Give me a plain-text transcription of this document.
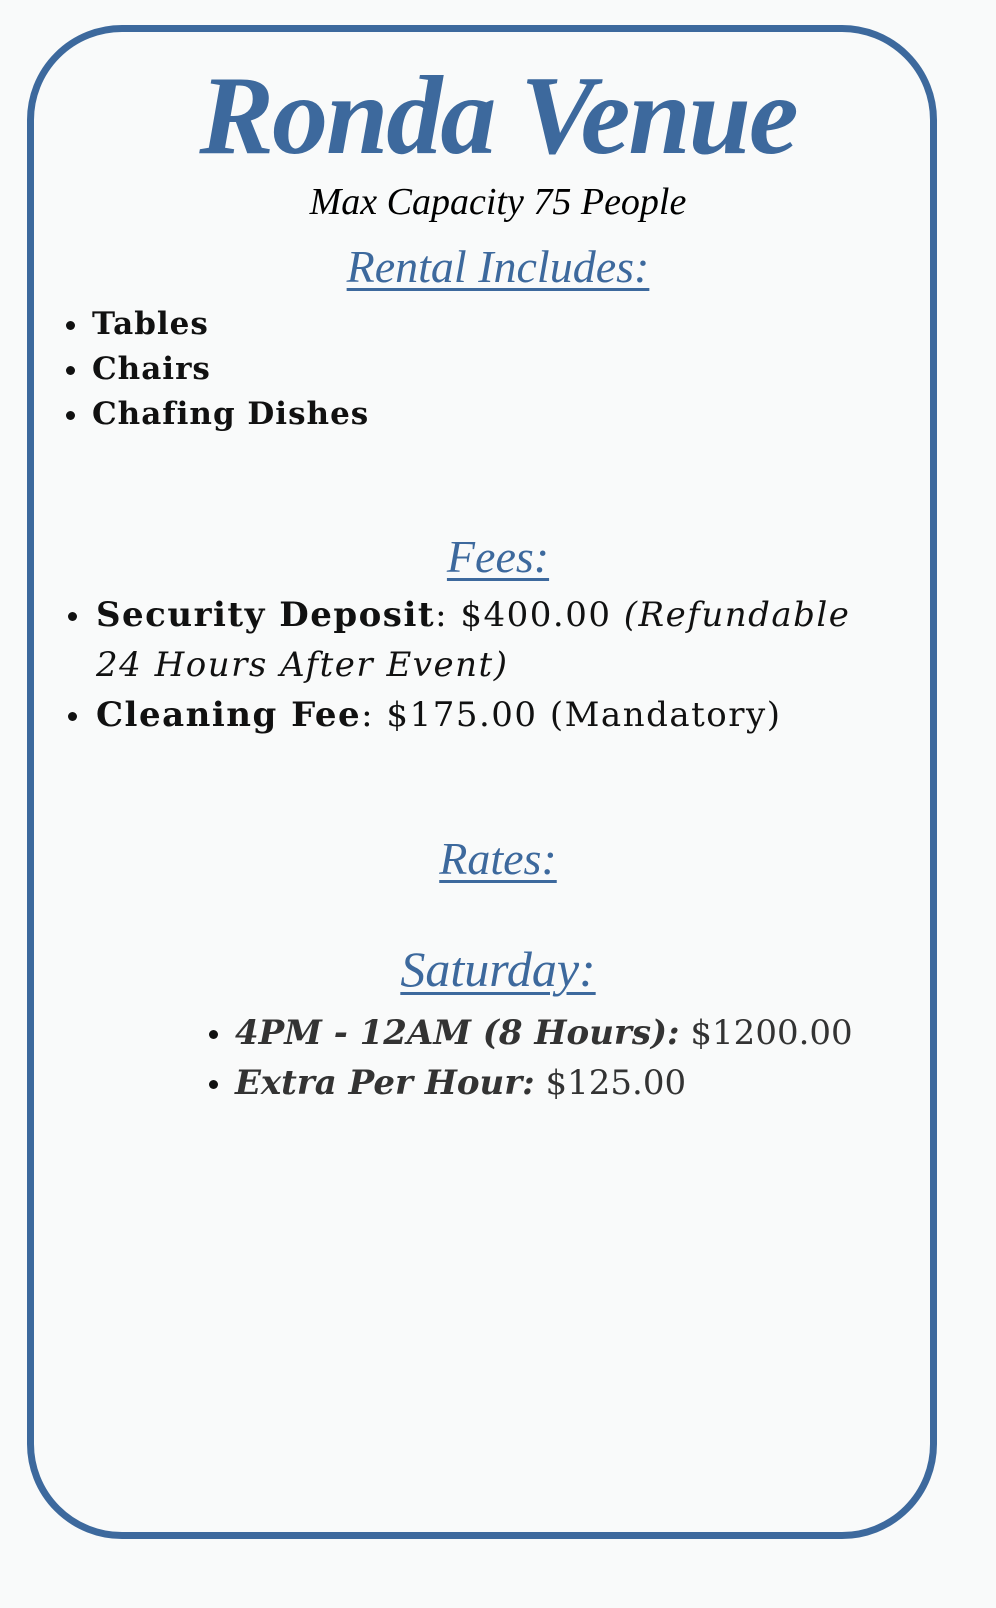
Ronda Venue
Max Capacity 75 People
Rental Includes:
Tables
Chairs
Chafing Dishes
Fees:
Security Deposit: $400.00 (Refundable 24 Hours After Event)
Cleaning Fee: $175.00 (Mandatory)
Rates:
Saturday:
4PM - 12AM (8 Hours): $1200.00
Extra Per Hour: $125.00
